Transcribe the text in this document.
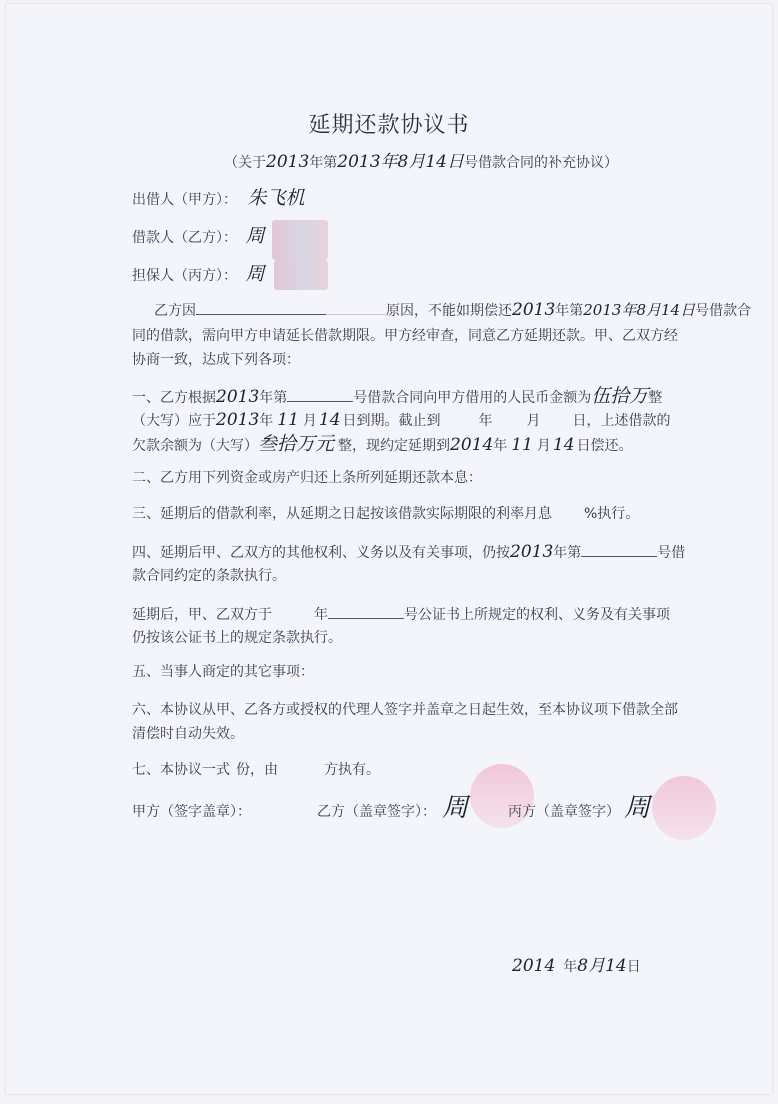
延期还款协议书
（关于2013年第2013年8月14日号借款合同的补充协议）
出借人（甲方）： 朱飞机
借款人（乙方）： 周
担保人（丙方）： 周
乙方因	原因，不能如期偿还2013年第2013年8月14日号借款合
同的借款，需向甲方申请延长借款期限。甲方经审查，同意乙方延期还款。甲、乙双方经
协商一致，达成下列各项：
一、乙方根据2013年第	号借款合同向甲方借用的人民币金额为伍拾万整
（大写）应于2013年 11 月 14 日到期。截止到	年 月 日，上述借款的
欠款余额为（大写）叁拾万元 整，现约定延期到2014年 11 月 14 日偿还。
二、乙方用下列资金或房产归还上条所列延期还款本息：
三、延期后的借款利率，从延期之日起按该借款实际期限的利率月息 %执行。
四、延期后甲、乙双方的其他权利、义务以及有关事项，仍按2013年第	号借
款合同约定的条款执行。
延期后，甲、乙双方于	年	号公证书上所规定的权利、义务及有关事项
仍按该公证书上的规定条款执行。
五、当事人商定的其它事项：
六、本协议从甲、乙各方或授权的代理人签字并盖章之日起生效，至本协议项下借款全部
清偿时自动失效。
七、本协议一式 份，由	方执有。
甲方（签字盖章）：	乙方（盖章签字）： 周	丙方（盖章签字） 周
2014 年8月14日
